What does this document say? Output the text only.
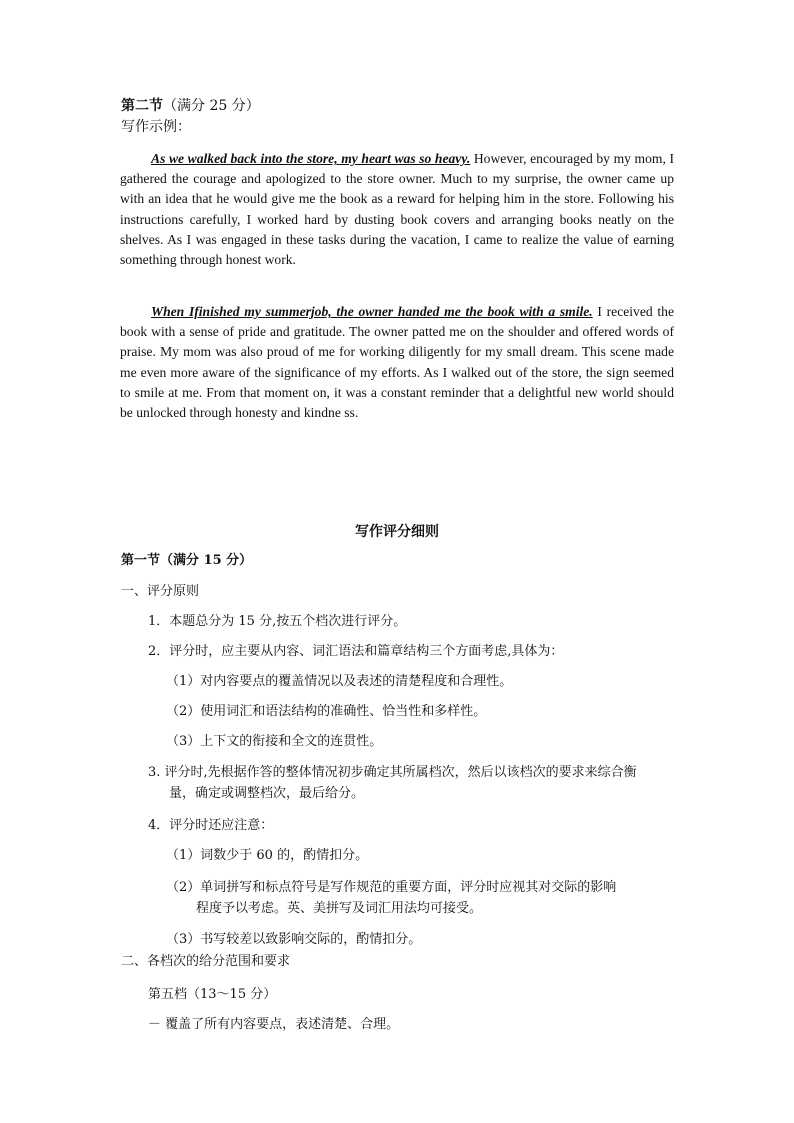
第二节（满分 25 分）
写作示例：

As we walked back into the store, my heart was so heavy. However, encouraged by my mom, I gathered the courage and apologized to the store owner. Much to my surprise, the owner came up with an idea that he would give me the book as a reward for helping him in the store. Following his instructions carefully, I worked hard by dusting book covers and arranging books neatly on the shelves. As I was engaged in these tasks during the vacation, I came to realize the value of earning something through honest work.

When Ifinished my summerjob, the owner handed me the book with a smile. I received the book with a sense of pride and gratitude. The owner patted me on the shoulder and offered words of praise. My mom was also proud of me for working diligently for my small dream. This scene made me even more aware of the significance of my efforts. As I walked out of the store, the sign seemed to smile at me. From that moment on, it was a constant reminder that a delightful new world should be unlocked through honesty and kindne ss.

写作评分细则
第一节（满分 15 分）
一、评分原则
1．本题总分为 15 分,按五个档次进行评分。
2．评分时，应主要从内容、词汇语法和篇章结构三个方面考虑,具体为：
（1）对内容要点的覆盖情况以及表述的清楚程度和合理性。
（2）使用词汇和语法结构的准确性、恰当性和多样性。
（3）上下文的衔接和全文的连贯性。
3. 评分时,先根据作答的整体情况初步确定其所属档次，然后以该档次的要求来综合衡
量，确定或调整档次，最后给分。
4．评分时还应注意：
（1）词数少于 60 的，酌情扣分。
（2）单词拼写和标点符号是写作规范的重要方面，评分时应视其对交际的影响
程度予以考虑。英、美拼写及词汇用法均可接受。
（3）书写较差以致影响交际的，酌情扣分。
二、各档次的给分范围和要求
第五档（13～15 分）
－ 覆盖了所有内容要点，表述清楚、合理。
